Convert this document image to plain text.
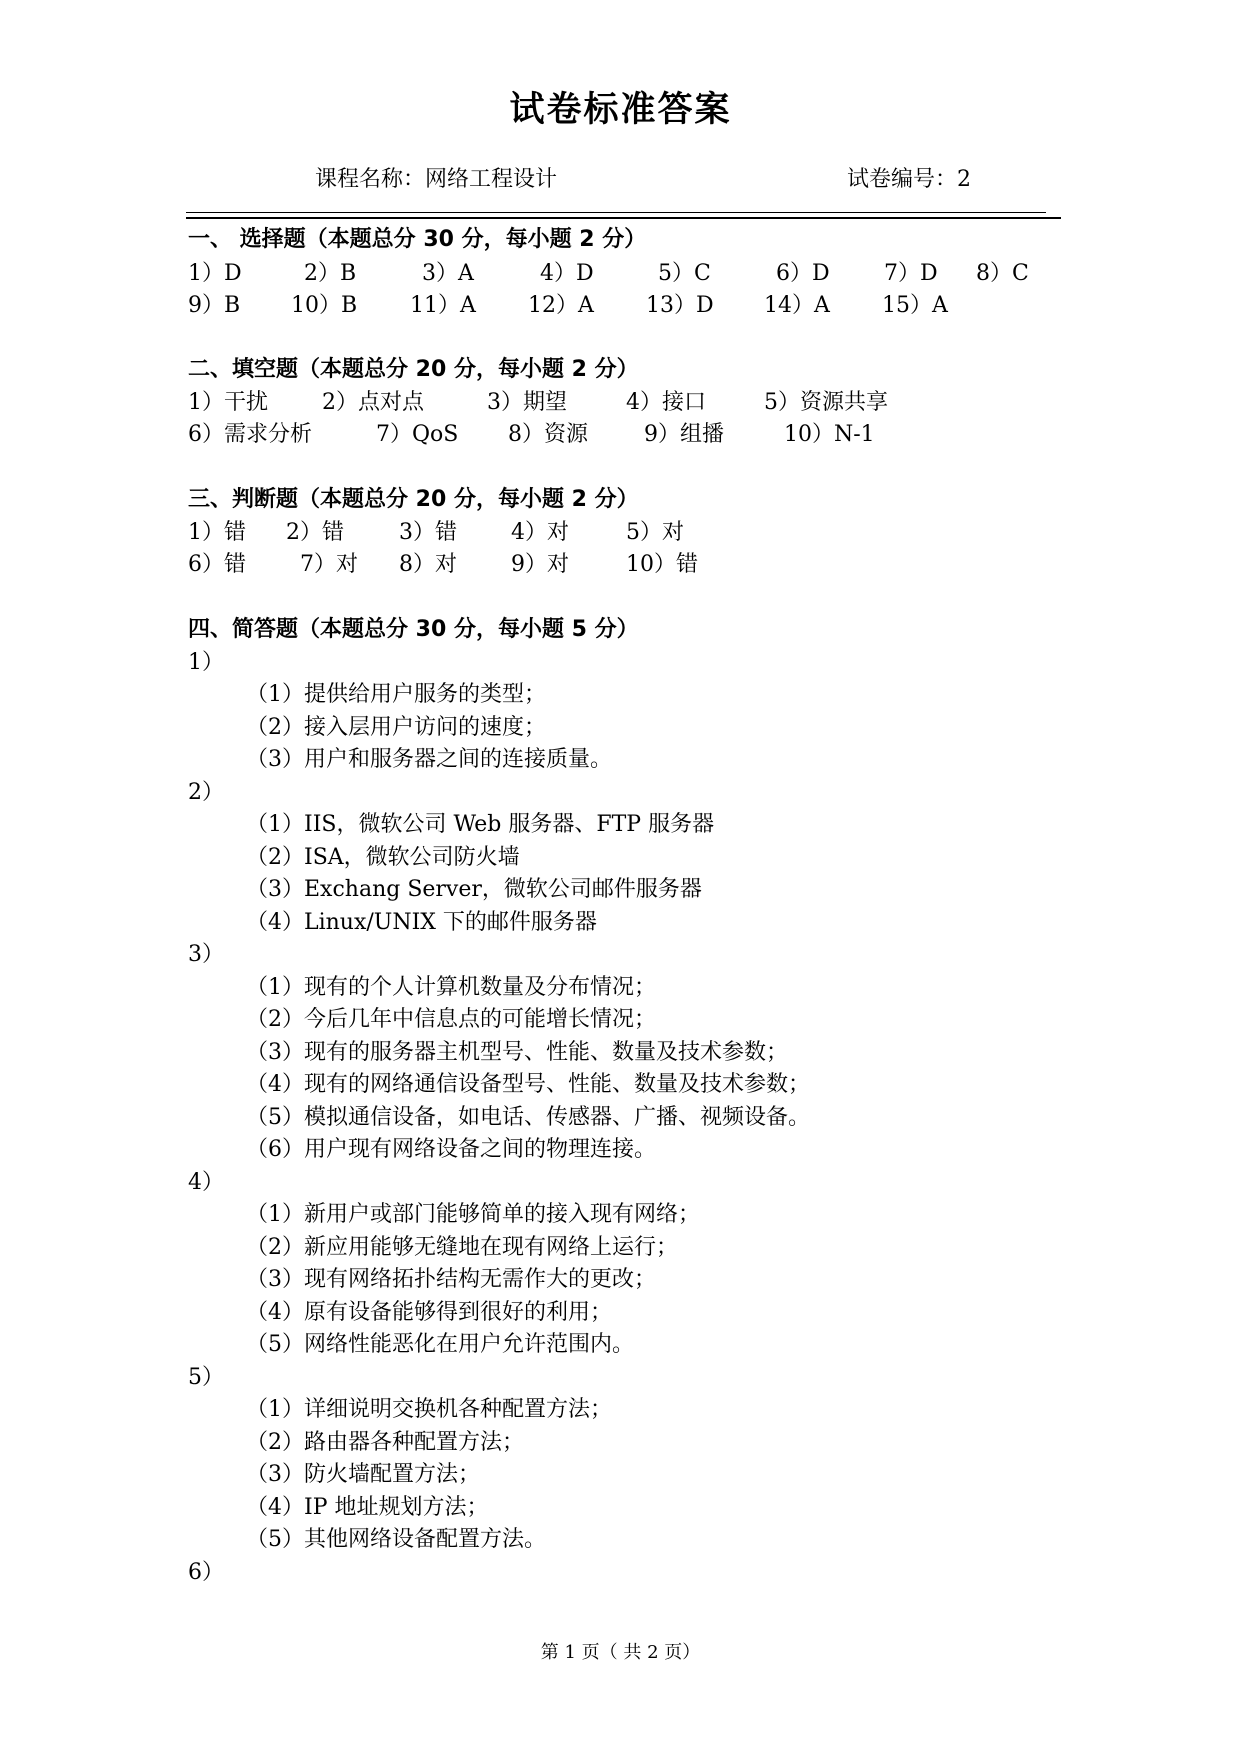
试卷标准答案
课程名称：网络工程设计	试卷编号：2
一、 选择题（本题总分 30 分，每小题 2 分）
1）D	2）B	3）A	4）D	5）C	6）D 7）D 8）C
9）B 10）B 11）A 12）A 13）D 14）A 15）A
二、填空题（本题总分 20 分，每小题 2 分）
1）干扰 2）点对点	3）期望	4）接口	5）资源共享
6）需求分析	7）QoS 8）资源	9）组播	10）N-1
三、判断题（本题总分 20 分，每小题 2 分）
1）错 2）错	3）错 4）对	5）对
6）错 7）对 8）对 9）对	10）错
四、简答题（本题总分 30 分，每小题 5 分）
1）
（1）提供给用户服务的类型；
（2）接入层用户访问的速度；
（3）用户和服务器之间的连接质量。
2）
（1）IIS，微软公司 Web 服务器、FTP 服务器
（2）ISA，微软公司防火墙
（3）Exchang Server，微软公司邮件服务器
（4）Linux/UNIX 下的邮件服务器
3）
（1）现有的个人计算机数量及分布情况；
（2）今后几年中信息点的可能增长情况；
（3）现有的服务器主机型号、性能、数量及技术参数；
（4）现有的网络通信设备型号、性能、数量及技术参数；
（5）模拟通信设备，如电话、传感器、广播、视频设备。
（6）用户现有网络设备之间的物理连接。
4）
（1）新用户或部门能够简单的接入现有网络；
（2）新应用能够无缝地在现有网络上运行；
（3）现有网络拓扑结构无需作大的更改；
（4）原有设备能够得到很好的利用；
（5）网络性能恶化在用户允许范围内。
5）
（1）详细说明交换机各种配置方法；
（2）路由器各种配置方法；
（3）防火墙配置方法；
（4）IP 地址规划方法；
（5）其他网络设备配置方法。
6）
第 1 页（ 共 2 页）
